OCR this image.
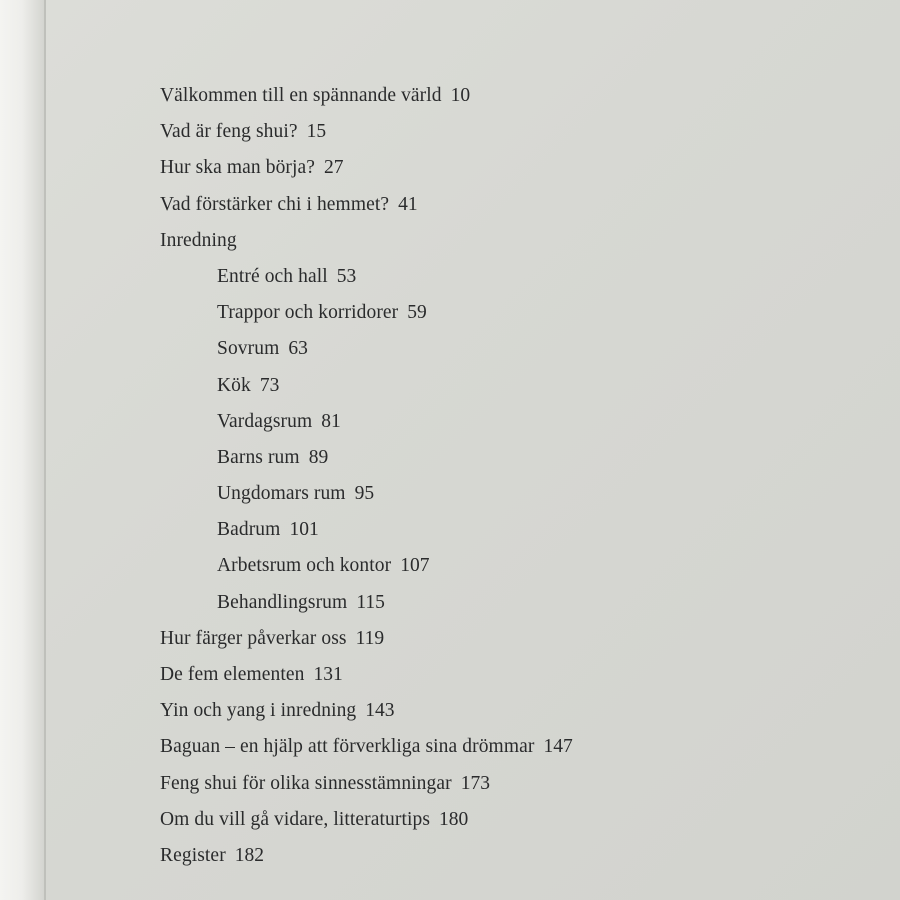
Välkommen till en spännande värld 10
Vad är feng shui? 15
Hur ska man börja? 27
Vad förstärker chi i hemmet? 41
Inredning
Entré och hall 53
Trappor och korridorer 59
Sovrum 63
Kök 73
Vardagsrum 81
Barns rum 89
Ungdomars rum 95
Badrum 101
Arbetsrum och kontor 107
Behandlingsrum 115
Hur färger påverkar oss 119
De fem elementen 131
Yin och yang i inredning 143
Baguan – en hjälp att förverkliga sina drömmar 147
Feng shui för olika sinnesstämningar 173
Om du vill gå vidare, litteraturtips 180
Register 182
